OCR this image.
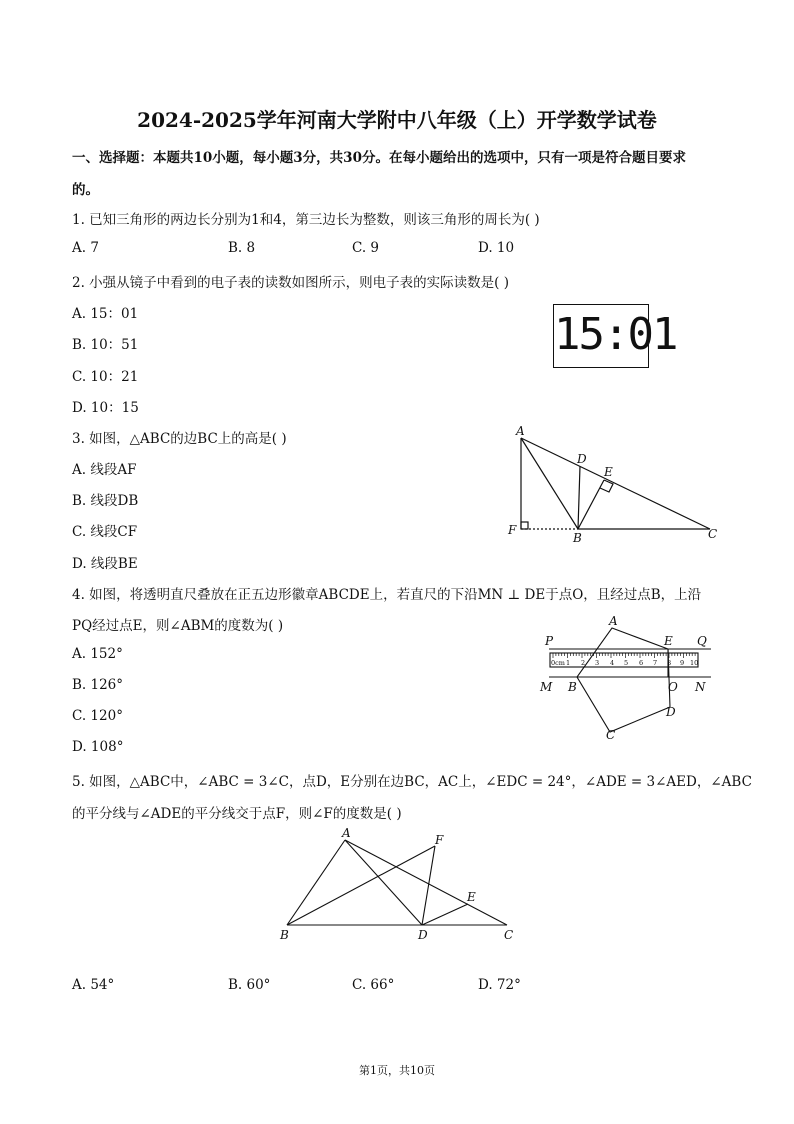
2024-2025学年河南大学附中八年级（上）开学数学试卷
一、选择题：本题共10小题，每小题3分，共30分。在每小题给出的选项中，只有一项是符合题目要求
的。
1. 已知三角形的两边长分别为1和4，第三边长为整数，则该三角形的周长为( )
A. 7	B. 8	C. 9	D. 10
2. 小强从镜子中看到的电子表的读数如图所示，则电子表的实际读数是( )
A. 15：01
B. 10：51
C. 10：21
D. 10：15
15:01
3. 如图，△ABC的边BC上的高是( )
A. 线段AF
B. 线段DB
C. 线段CF
D. 线段BE
A
D
E
F
B	C
4. 如图，将透明直尺叠放在正五边形徽章ABCDE上，若直尺的下沿MN ⊥ DE于点O，且经过点B，上沿
PQ经过点E，则∠ABM的度数为( )
A. 152°
B. 126°
C. 120°
D. 108°
0cm 1 2 3 4 5 6 7 8 9 10
P
A
E Q
M B	O N
D
C
5. 如图，△ABC中，∠ABC = 3∠C，点D，E分别在边BC，AC上，∠EDC = 24°，∠ADE = 3∠AED，∠ABC
的平分线与∠ADE的平分线交于点F，则∠F的度数是( )
A	F
E
B	D	C
A. 54°	B. 60°	C. 66°	D. 72°
第1页，共10页
